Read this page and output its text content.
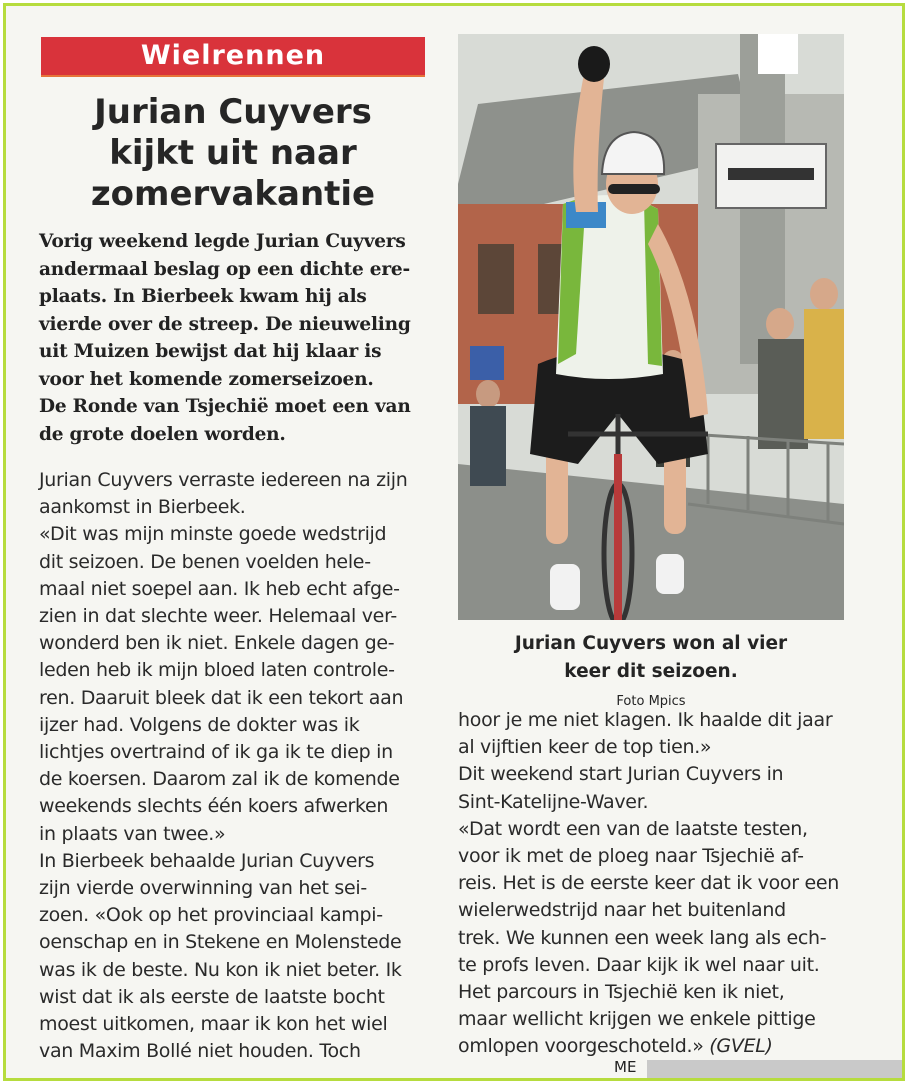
Wielrennen
Jurian Cuyvers
kijkt uit naar
zomervakantie
Vorig weekend legde Jurian Cuyvers
andermaal beslag op een dichte ere-
plaats. In Bierbeek kwam hij als
vierde over de streep. De nieuweling
uit Muizen bewijst dat hij klaar is
voor het komende zomerseizoen.
De Ronde van Tsjechië moet een van
de grote doelen worden.
Jurian Cuyvers verraste iedereen na zijn
aankomst in Bierbeek.
«Dit was mijn minste goede wedstrijd
dit seizoen. De benen voelden hele-
maal niet soepel aan. Ik heb echt afge-
zien in dat slechte weer. Helemaal ver-
wonderd ben ik niet. Enkele dagen ge-
leden heb ik mijn bloed laten controle-
ren. Daaruit bleek dat ik een tekort aan
ijzer had. Volgens de dokter was ik
lichtjes overtraind of ik ga ik te diep in
de koersen. Daarom zal ik de komende
weekends slechts één koers afwerken
in plaats van twee.»
In Bierbeek behaalde Jurian Cuyvers
zijn vierde overwinning van het sei-
zoen. «Ook op het provinciaal kampi-
oenschap en in Stekene en Molenstede
was ik de beste. Nu kon ik niet beter. Ik
wist dat ik als eerste de laatste bocht
moest uitkomen, maar ik kon het wiel
van Maxim Bollé niet houden. Toch
Jurian Cuyvers won al vier
keer dit seizoen.
Foto Mpics
hoor je me niet klagen. Ik haalde dit jaar
al vijftien keer de top tien.»
Dit weekend start Jurian Cuyvers in
Sint-Katelijne-Waver.
«Dat wordt een van de laatste testen,
voor ik met de ploeg naar Tsjechië af-
reis. Het is de eerste keer dat ik voor een
wielerwedstrijd naar het buitenland
trek. We kunnen een week lang als ech-
te profs leven. Daar kijk ik wel naar uit.
Het parcours in Tsjechië ken ik niet,
maar wellicht krijgen we enkele pittige
omlopen voorgeschoteld.» (GVEL)
ME
